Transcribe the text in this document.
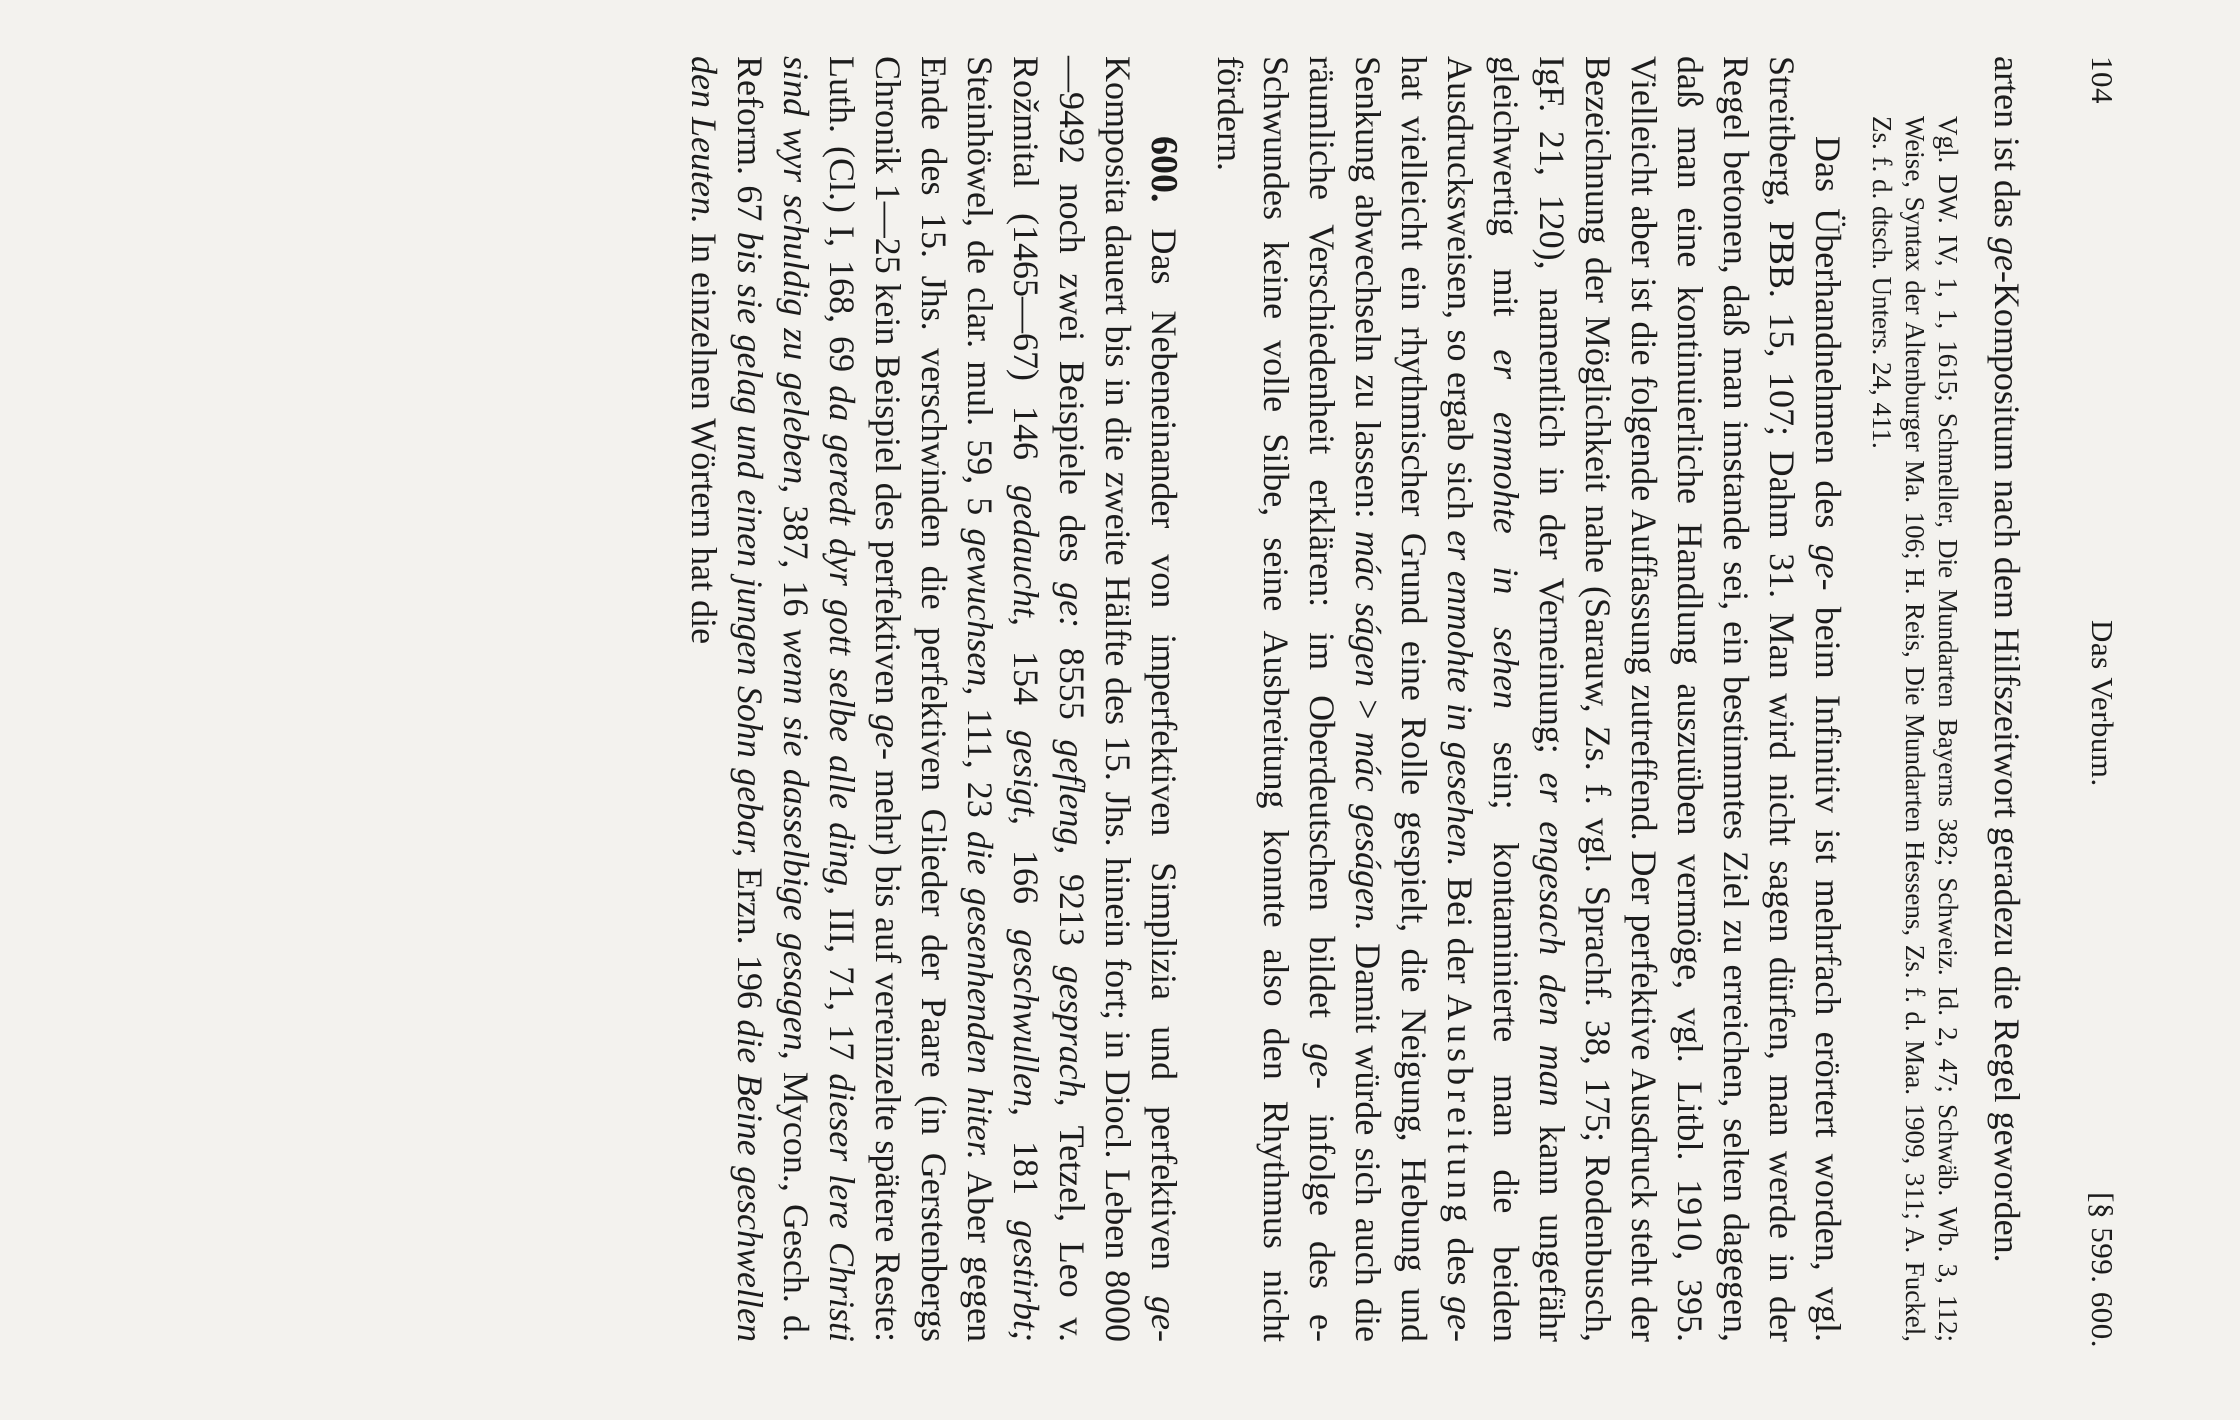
104
Das Verbum.
[§ 599. 600.

arten ist das ge-Kompositum nach dem Hilfszeitwort geradezu die Regel geworden.

Vgl. DW. IV, 1, 1, 1615; Schmeller, Die Mundarten Bayerns 382; Schweiz. Id. 2, 47; Schwäb. Wb. 3, 112; Weise, Syntax der Altenburger Ma. 106; H. Reis, Die Mundarten Hessens, Zs. f. d. Maa. 1909, 311; A. Fuckel, Zs. f. d. dtsch. Unters. 24, 411.

Das Überhandnehmen des ge- beim Infinitiv ist mehrfach erörtert worden, vgl. Streitberg, PBB. 15, 107; Dahm 31. Man wird nicht sagen dürfen, man werde in der Regel betonen, daß man imstande sei, ein bestimmtes Ziel zu erreichen, selten dagegen, daß man eine kontinuierliche Handlung auszuüben vermöge, vgl. Litbl. 1910, 395. Vielleicht aber ist die folgende Auffassung zutreffend. Der perfektive Ausdruck steht der Bezeichnung der Möglichkeit nahe (Sarauw, Zs. f. vgl. Sprachf. 38, 175; Rodenbusch, IgF. 21, 120), namentlich in der Verneinung; er engesach den man kann ungefähr gleichwertig mit er enmohte in sehen sein; kontaminierte man die beiden Ausdrucksweisen, so ergab sich er enmohte in gesehen. Bei der Ausbreitung des ge- hat vielleicht ein rhythmischer Grund eine Rolle gespielt, die Neigung, Hebung und Senkung abwechseln zu lassen: mác ságen > mác geságen. Damit würde sich auch die räumliche Verschiedenheit erklären: im Oberdeutschen bildet ge- infolge des e-Schwundes keine volle Silbe, seine Ausbreitung konnte also den Rhythmus nicht fördern.

600. Das Nebeneinander von imperfektiven Simplizia und perfektiven ge-Komposita dauert bis in die zweite Hälfte des 15. Jhs. hinein fort; in Diocl. Leben 8000—9492 noch zwei Beispiele des ge: 8555 gefleng, 9213 gesprach, Tetzel, Leo v. Rožmital (1465—67) 146 gedaucht, 154 gesigt, 166 geschwullen, 181 gestirbt; Steinhöwel, de clar. mul. 59, 5 gewuchsen, 111, 23 die gesenhenden hiter. Aber gegen Ende des 15. Jhs. verschwinden die perfektiven Glieder der Paare (in Gerstenbergs Chronik 1—25 kein Beispiel des perfektiven ge- mehr) bis auf vereinzelte spätere Reste: Luth. (Cl.) I, 168, 69 da geredt dyr gott selbe alle ding, III, 71, 17 dieser lere Christi sind wyr schuldig zu geleben, 387, 16 wenn sie dasselbige gesagen, Mycon., Gesch. d. Reform. 67 bis sie gelag und einen jungen Sohn gebar, Erzn. 196 die Beine geschwellen den Leuten. In einzelnen Wörtern hat die
